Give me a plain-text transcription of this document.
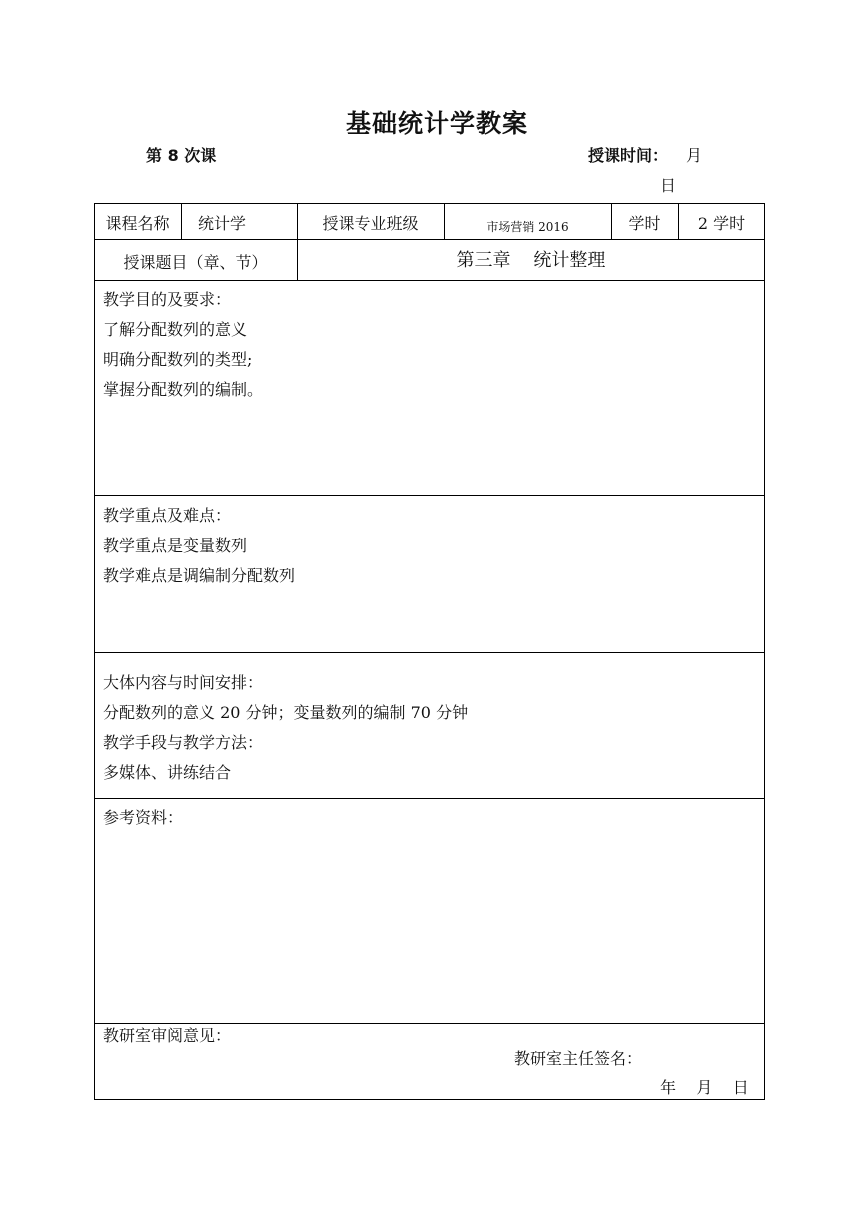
基础统计学教案
第 8 次课	授课时间： 月
日
课程名称	统计学	授课专业班级	市场营销 2016	学时	2 学时
授课题目（章、节）	第三章    统计整理
教学目的及要求：
了解分配数列的意义
明确分配数列的类型;
掌握分配数列的编制。
教学重点及难点：
教学重点是变量数列
教学难点是调编制分配数列
大体内容与时间安排：
分配数列的意义 20 分钟；变量数列的编制 70 分钟
教学手段与教学方法：
多媒体、讲练结合
参考资料：
教研室审阅意见：
教研室主任签名：
年    月    日
